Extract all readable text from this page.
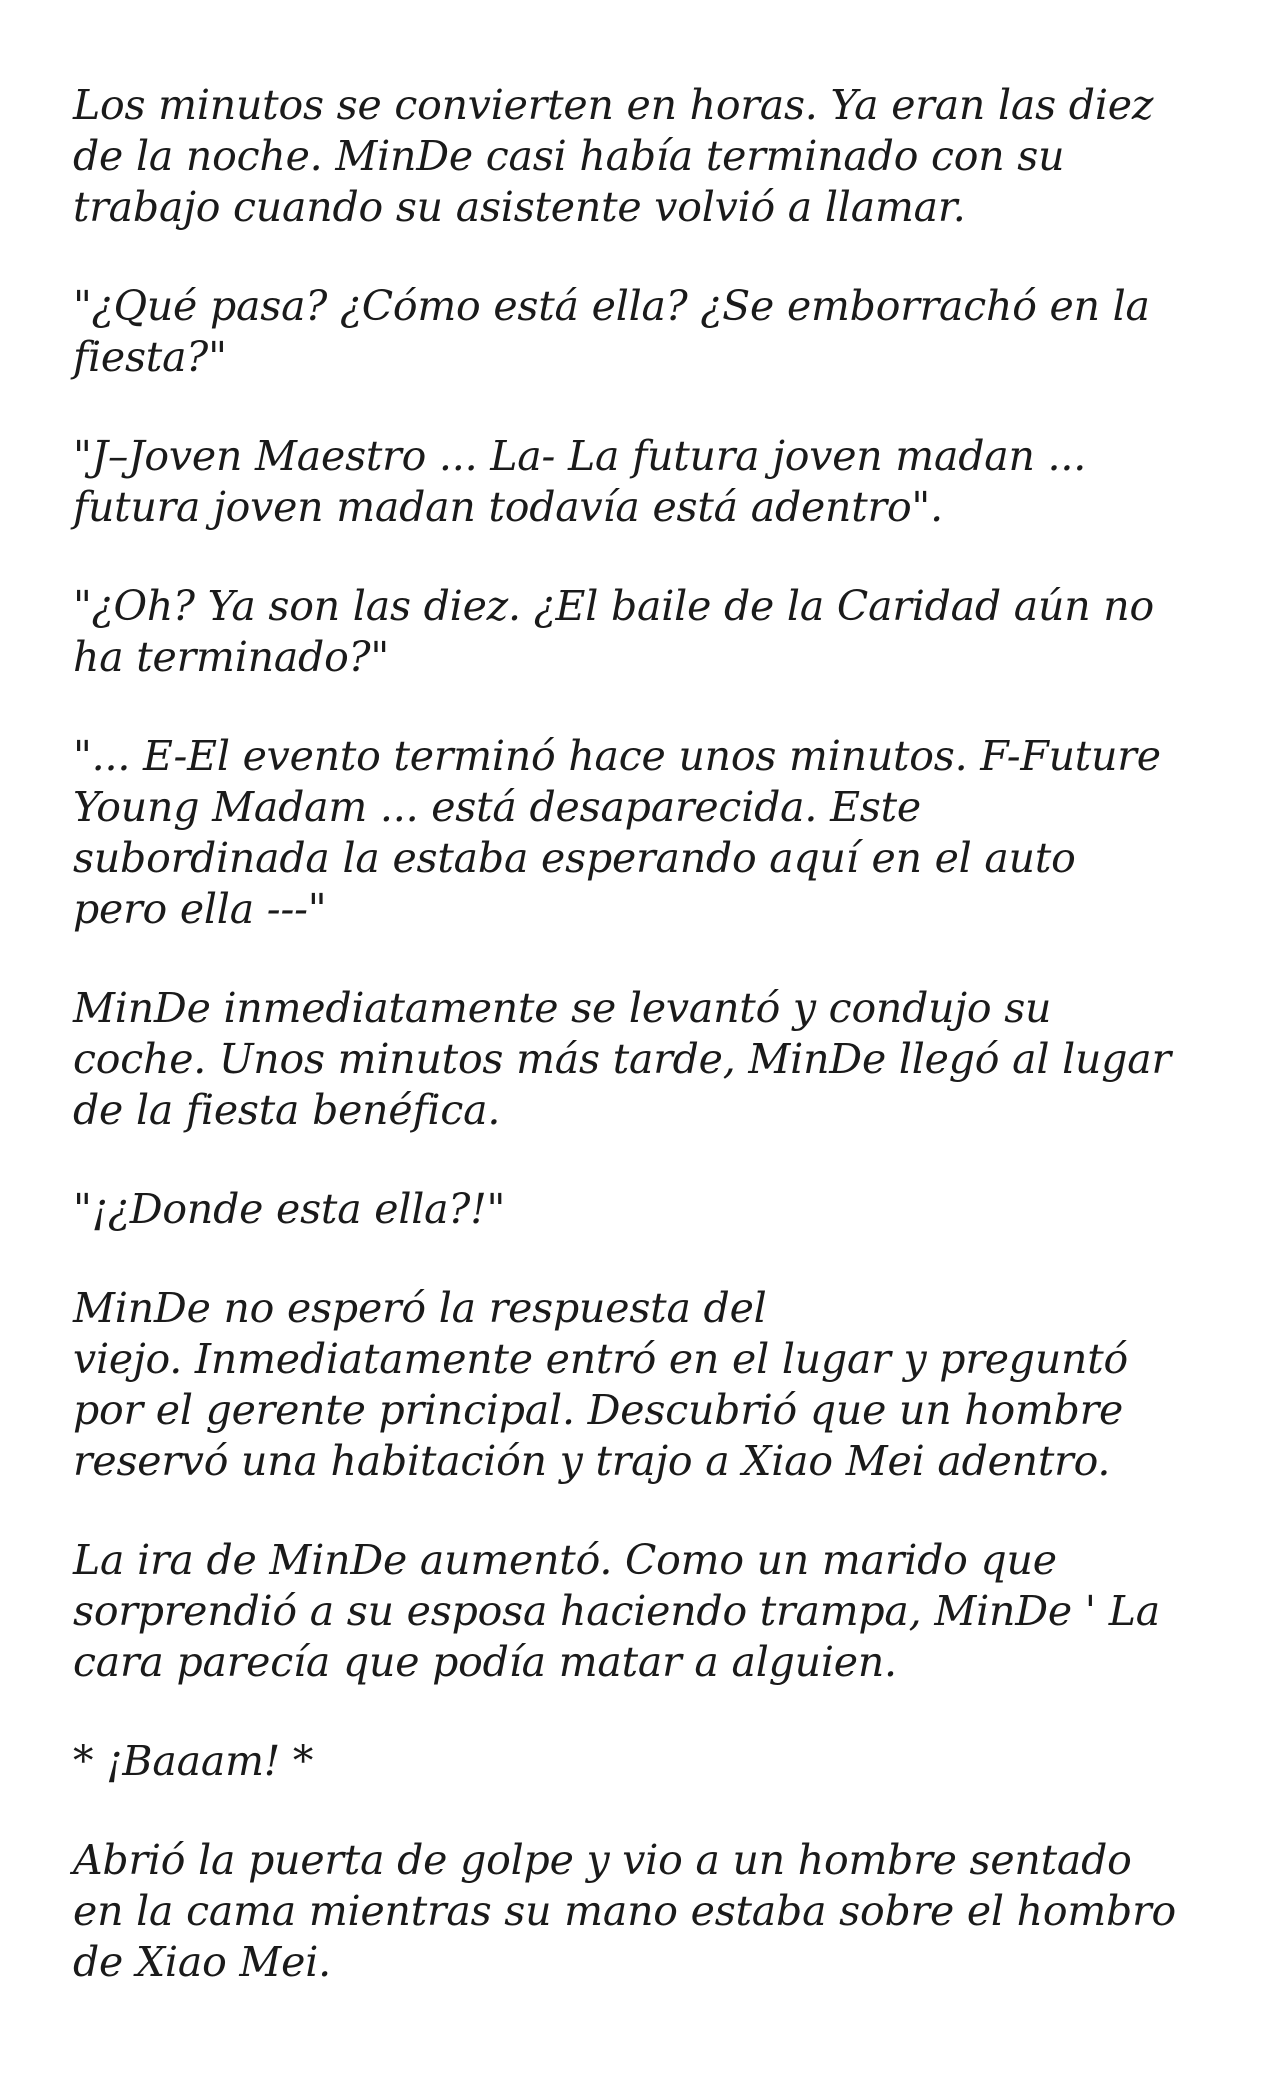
Los minutos se convierten en horas. Ya eran las diez
de la noche. MinDe casi había terminado con su
trabajo cuando su asistente volvió a llamar.

"¿Qué pasa? ¿Cómo está ella? ¿Se emborrachó en la
fiesta?"

"J–Joven Maestro ... La- La futura joven madan ...
futura joven madan todavía está adentro".

"¿Oh? Ya son las diez. ¿El baile de la Caridad aún no
ha terminado?"

"... E-El evento terminó hace unos minutos. F-Future
Young Madam ... está desaparecida. Este
subordinada la estaba esperando aquí en el auto
pero ella ---"

MinDe inmediatamente se levantó y condujo su
coche. Unos minutos más tarde, MinDe llegó al lugar
de la fiesta benéfica.

"¡¿Donde esta ella?!"

MinDe no esperó la respuesta del
viejo. Inmediatamente entró en el lugar y preguntó
por el gerente principal. Descubrió que un hombre
reservó una habitación y trajo a Xiao Mei adentro.

La ira de MinDe aumentó. Como un marido que
sorprendió a su esposa haciendo trampa, MinDe ' La
cara parecía que podía matar a alguien.

* ¡Baaam! *

Abrió la puerta de golpe y vio a un hombre sentado
en la cama mientras su mano estaba sobre el hombro
de Xiao Mei.
